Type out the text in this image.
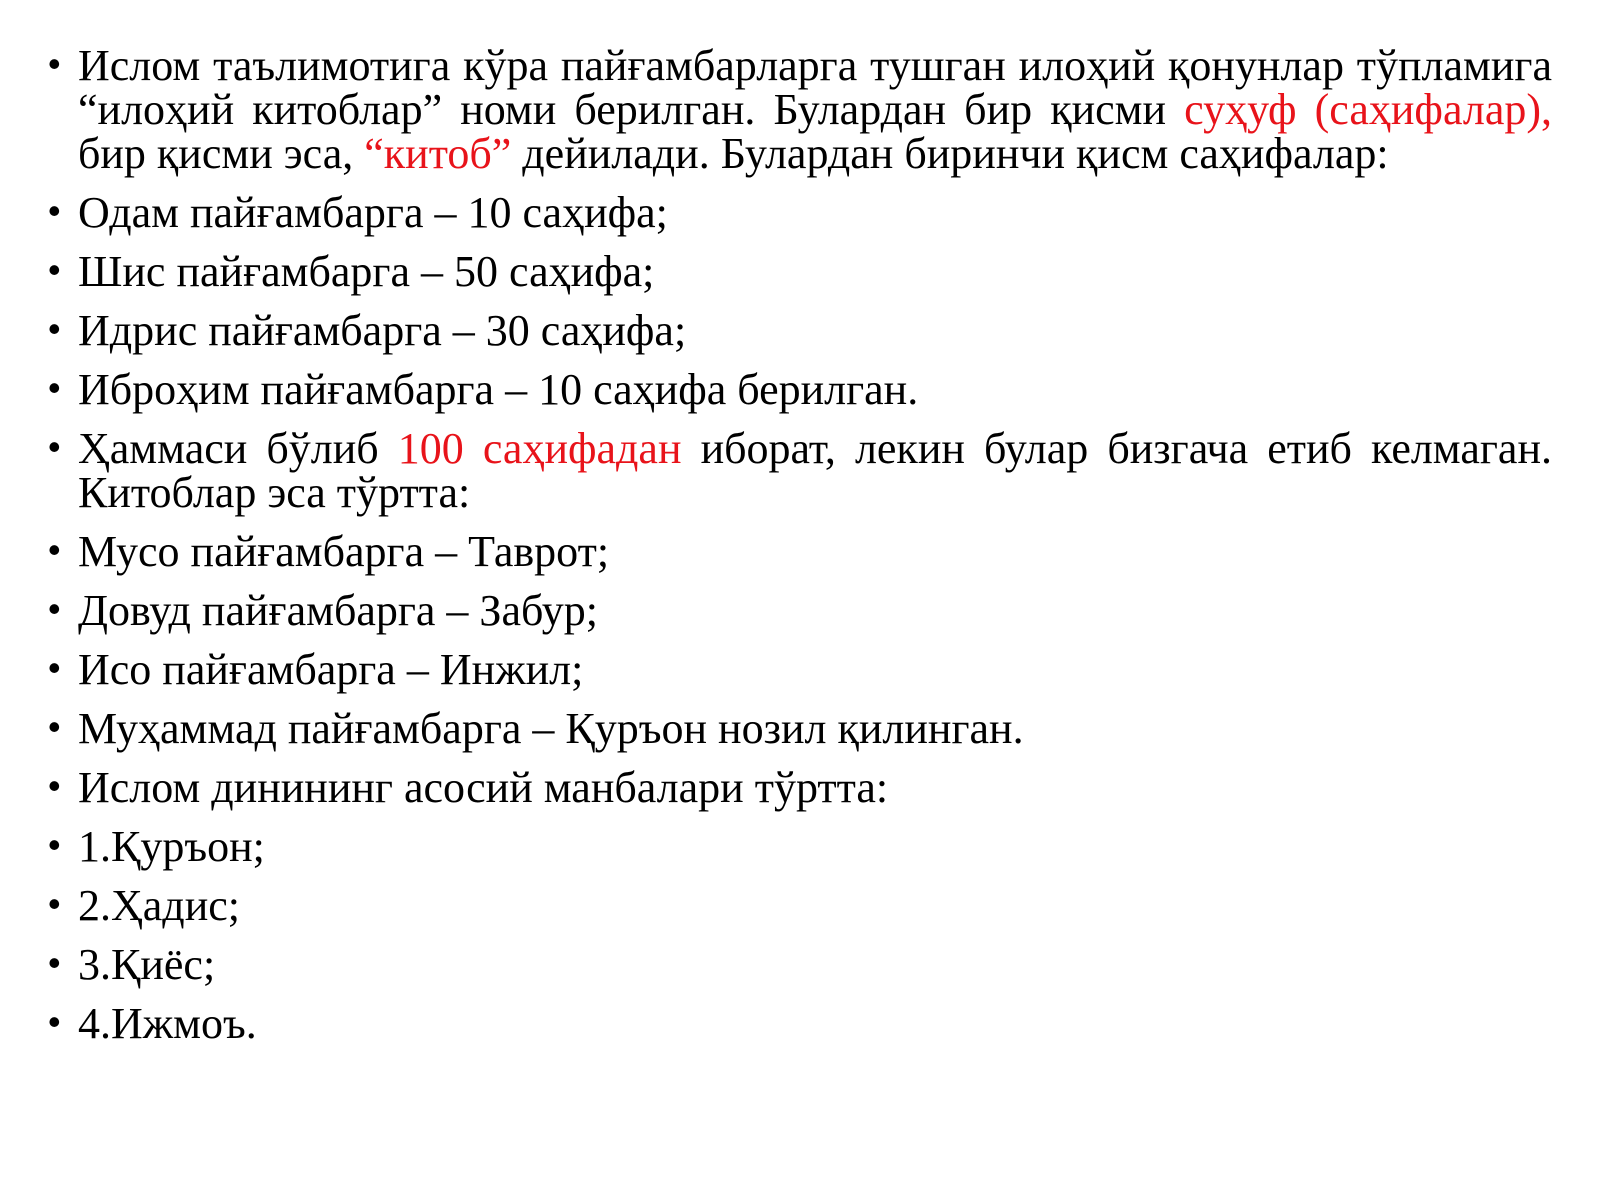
• Ислом таълимотига кўра пайғамбарларга тушган илоҳий қонунлар тўпламига “илоҳий китоблар” номи берилган. Булардан бир қисми суҳуф (саҳифалар), бир қисми эса, “китоб” дейилади. Булардан биринчи қисм саҳифалар:
• Одам пайғамбарга – 10 саҳифа;
• Шис пайғамбарга – 50 саҳифа;
• Идрис пайғамбарга – 30 саҳифа;
• Иброҳим пайғамбарга – 10 саҳифа берилган.
• Ҳаммаси бўлиб 100 саҳифадан иборат, лекин булар бизгача етиб келмаган. Китоблар эса тўртта:
• Мусо пайғамбарга – Таврот;
• Довуд пайғамбарга – Забур;
• Исо пайғамбарга – Инжил;
• Муҳаммад пайғамбарга – Қуръон нозил қилинган.
• Ислом динининг асосий манбалари тўртта:
• 1.Қуръон;
• 2.Ҳадис;
• 3.Қиёс;
• 4.Ижмоъ.
